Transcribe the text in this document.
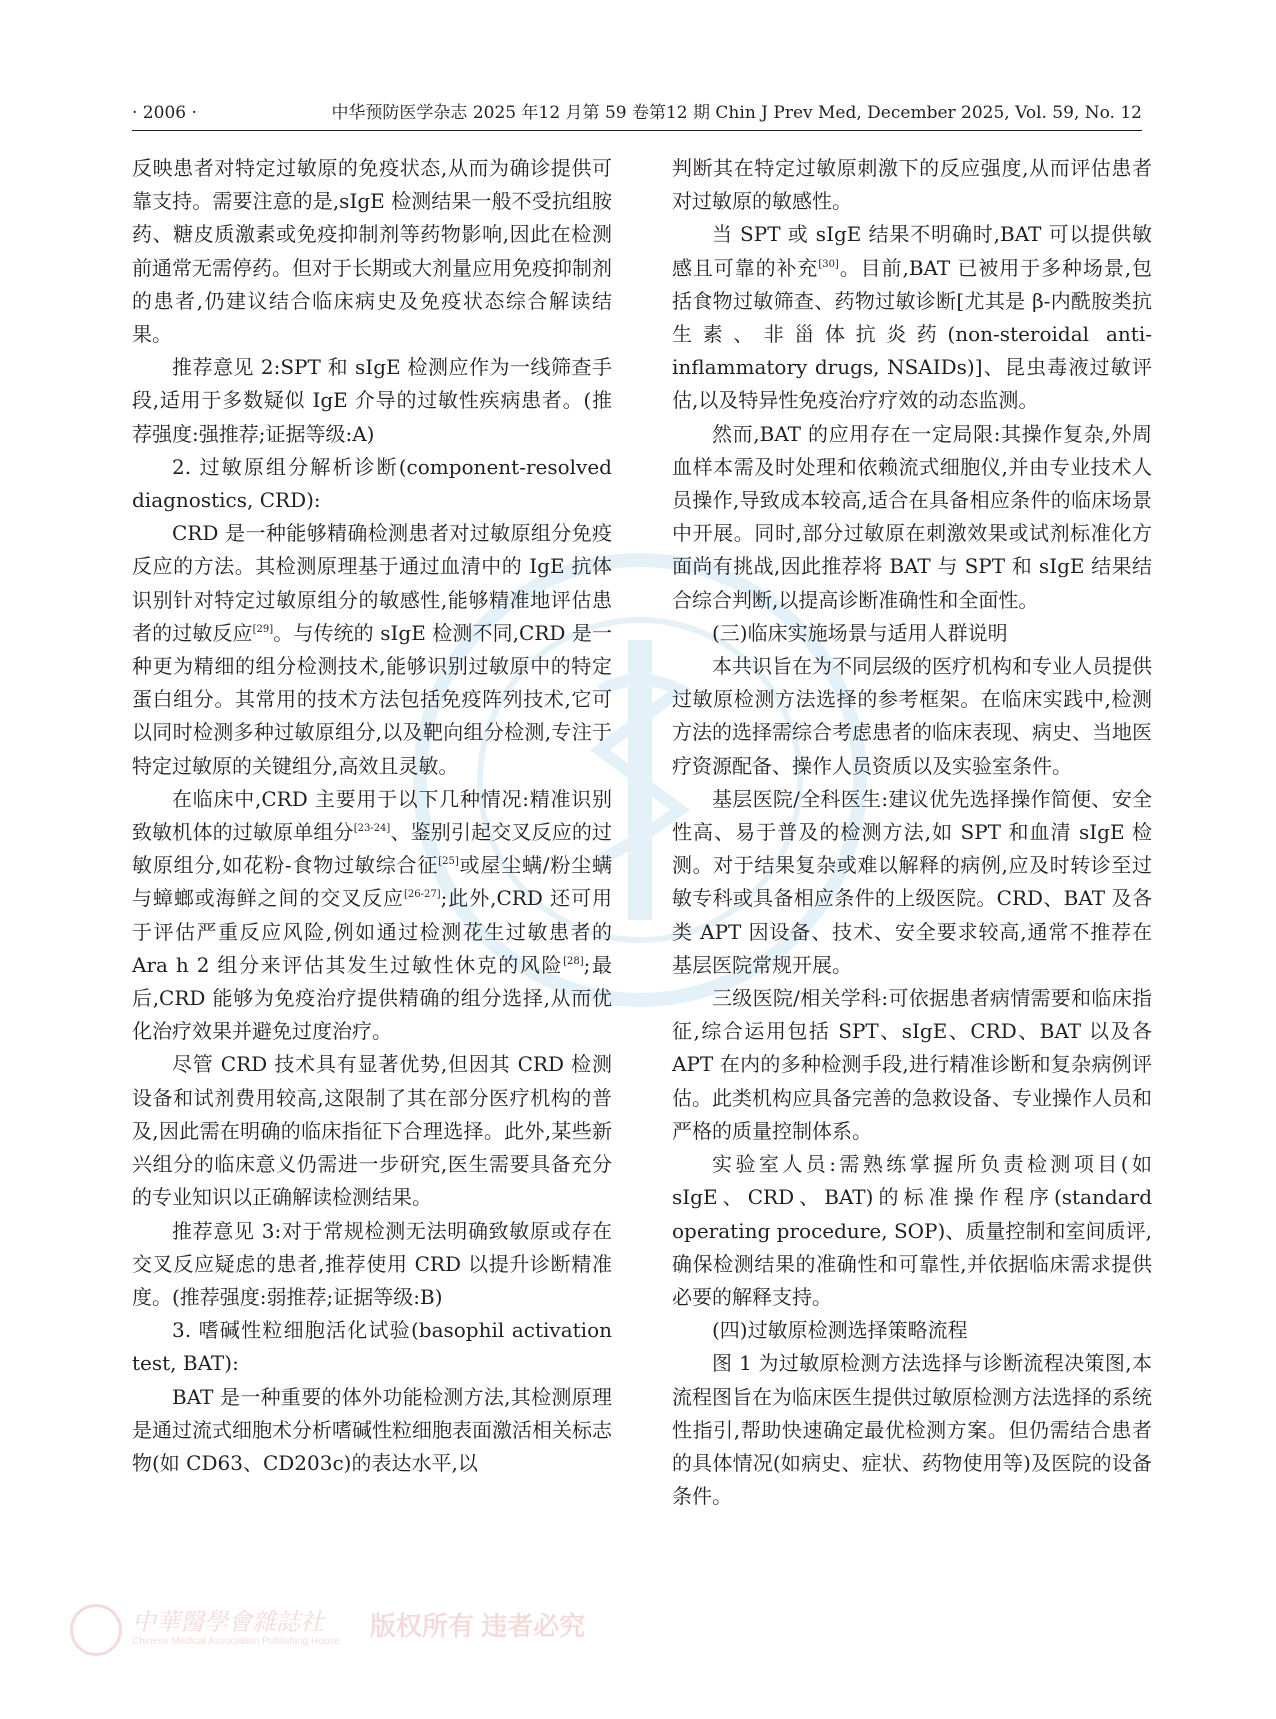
· 2006 ·	中华预防医学杂志 2025 年12 月第 59 卷第12 期 Chin J Prev Med, December 2025, Vol. 59, No. 12
中華醫學會雜誌社
Chinese Medical Association Publishing House
版权所有 违者必究

反映患者对特定过敏原的免疫状态,从而为确诊提供可靠支持。需要注意的是,sIgE 检测结果一般不受抗组胺药、糖皮质激素或免疫抑制剂等药物影响,因此在检测前通常无需停药。但对于长期或大剂量应用免疫抑制剂的患者,仍建议结合临床病史及免疫状态综合解读结果。

推荐意见 2:SPT 和 sIgE 检测应作为一线筛查手段,适用于多数疑似 IgE 介导的过敏性疾病患者。(推荐强度:强推荐;证据等级:A)

2. 过敏原组分解析诊断(component-resolved diagnostics, CRD):

CRD 是一种能够精确检测患者对过敏原组分免疫反应的方法。其检测原理基于通过血清中的 IgE 抗体识别针对特定过敏原组分的敏感性,能够精准地评估患者的过敏反应[29]。与传统的 sIgE 检测不同,CRD 是一种更为精细的组分检测技术,能够识别过敏原中的特定蛋白组分。其常用的技术方法包括免疫阵列技术,它可以同时检测多种过敏原组分,以及靶向组分检测,专注于特定过敏原的关键组分,高效且灵敏。

在临床中,CRD 主要用于以下几种情况:精准识别致敏机体的过敏原单组分[23-24]、鉴别引起交叉反应的过敏原组分,如花粉-食物过敏综合征[25]或屋尘螨/粉尘螨与蟑螂或海鲜之间的交叉反应[26-27];此外,CRD 还可用于评估严重反应风险,例如通过检测花生过敏患者的 Ara h 2 组分来评估其发生过敏性休克的风险[28];最后,CRD 能够为免疫治疗提供精确的组分选择,从而优化治疗效果并避免过度治疗。

尽管 CRD 技术具有显著优势,但因其 CRD 检测设备和试剂费用较高,这限制了其在部分医疗机构的普及,因此需在明确的临床指征下合理选择。此外,某些新兴组分的临床意义仍需进一步研究,医生需要具备充分的专业知识以正确解读检测结果。

推荐意见 3:对于常规检测无法明确致敏原或存在交叉反应疑虑的患者,推荐使用 CRD 以提升诊断精准度。(推荐强度:弱推荐;证据等级:B)

3. 嗜碱性粒细胞活化试验(basophil activation test, BAT):

BAT 是一种重要的体外功能检测方法,其检测原理是通过流式细胞术分析嗜碱性粒细胞表面激活相关标志物(如 CD63、CD203c)的表达水平,以

判断其在特定过敏原刺激下的反应强度,从而评估患者对过敏原的敏感性。

当 SPT 或 sIgE 结果不明确时,BAT 可以提供敏感且可靠的补充[30]。目前,BAT 已被用于多种场景,包括食物过敏筛查、药物过敏诊断[尤其是 β-内酰胺类抗生素、非甾体抗炎药(non-steroidal anti-inflammatory drugs, NSAIDs)]、昆虫毒液过敏评估,以及特异性免疫治疗疗效的动态监测。

然而,BAT 的应用存在一定局限:其操作复杂,外周血样本需及时处理和依赖流式细胞仪,并由专业技术人员操作,导致成本较高,适合在具备相应条件的临床场景中开展。同时,部分过敏原在刺激效果或试剂标准化方面尚有挑战,因此推荐将 BAT 与 SPT 和 sIgE 结果结合综合判断,以提高诊断准确性和全面性。

(三)临床实施场景与适用人群说明

本共识旨在为不同层级的医疗机构和专业人员提供过敏原检测方法选择的参考框架。在临床实践中,检测方法的选择需综合考虑患者的临床表现、病史、当地医疗资源配备、操作人员资质以及实验室条件。

基层医院/全科医生:建议优先选择操作简便、安全性高、易于普及的检测方法,如 SPT 和血清 sIgE 检测。对于结果复杂或难以解释的病例,应及时转诊至过敏专科或具备相应条件的上级医院。CRD、BAT 及各类 APT 因设备、技术、安全要求较高,通常不推荐在基层医院常规开展。

三级医院/相关学科:可依据患者病情需要和临床指征,综合运用包括 SPT、sIgE、CRD、BAT 以及各 APT 在内的多种检测手段,进行精准诊断和复杂病例评估。此类机构应具备完善的急救设备、专业操作人员和严格的质量控制体系。

实验室人员:需熟练掌握所负责检测项目(如 sIgE、CRD、BAT)的标准操作程序(standard operating procedure, SOP)、质量控制和室间质评,确保检测结果的准确性和可靠性,并依据临床需求提供必要的解释支持。

(四)过敏原检测选择策略流程

图 1 为过敏原检测方法选择与诊断流程决策图,本流程图旨在为临床医生提供过敏原检测方法选择的系统性指引,帮助快速确定最优检测方案。但仍需结合患者的具体情况(如病史、症状、药物使用等)及医院的设备条件。
